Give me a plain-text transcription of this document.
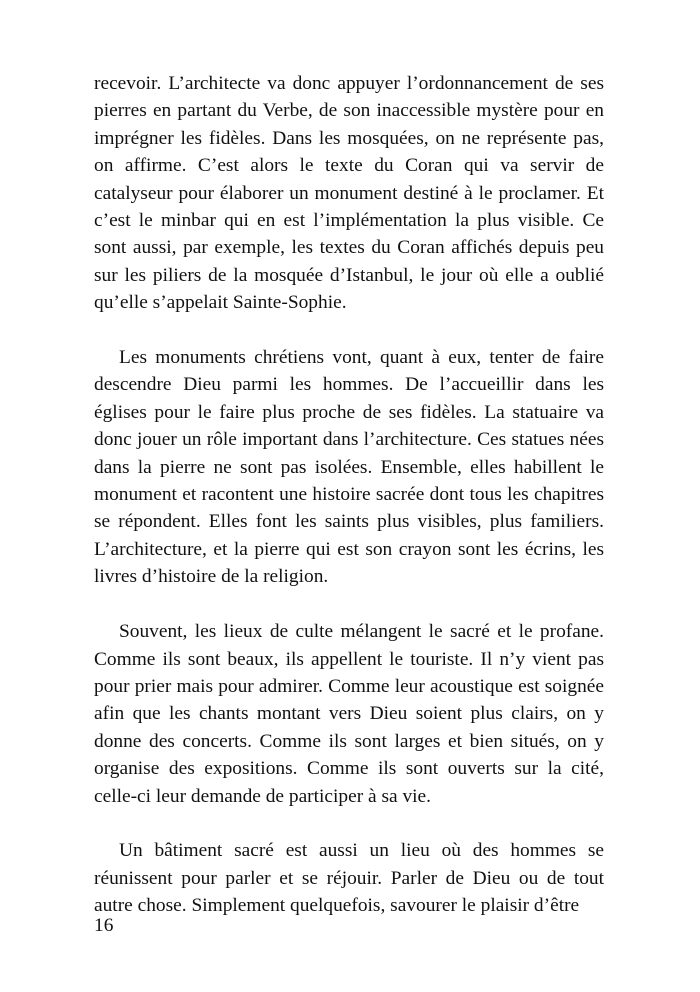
recevoir. L’architecte va donc appuyer l’ordonnancement de ses pierres en partant du Verbe, de son inaccessible mystère pour en imprégner les fidèles. Dans les mosquées, on ne représente pas, on affirme. C’est alors le texte du Coran qui va servir de catalyseur pour élaborer un monument destiné à le proclamer. Et c’est le minbar qui en est l’implémentation la plus visible. Ce sont aussi, par exemple, les textes du Coran affichés depuis peu sur les piliers de la mosquée d’Istanbul, le jour où elle a oublié qu’elle s’appelait Sainte-Sophie.

Les monuments chrétiens vont, quant à eux, tenter de faire descendre Dieu parmi les hommes. De l’accueillir dans les églises pour le faire plus proche de ses fidèles. La statuaire va donc jouer un rôle important dans l’architecture. Ces statues nées dans la pierre ne sont pas isolées. Ensemble, elles habillent le monument et racontent une histoire sacrée dont tous les chapitres se répondent. Elles font les saints plus visibles, plus familiers. L’architecture, et la pierre qui est son crayon sont les écrins, les livres d’histoire de la religion.

Souvent, les lieux de culte mélangent le sacré et le profane. Comme ils sont beaux, ils appellent le touriste. Il n’y vient pas pour prier mais pour admirer. Comme leur acoustique est soignée afin que les chants montant vers Dieu soient plus clairs, on y donne des concerts. Comme ils sont larges et bien situés, on y organise des expositions. Comme ils sont ouverts sur la cité, celle-ci leur demande de participer à sa vie.

Un bâtiment sacré est aussi un lieu où des hommes se réunissent pour parler et se réjouir. Parler de Dieu ou de tout autre chose. Simplement quelquefois, savourer le plaisir d’être

16
